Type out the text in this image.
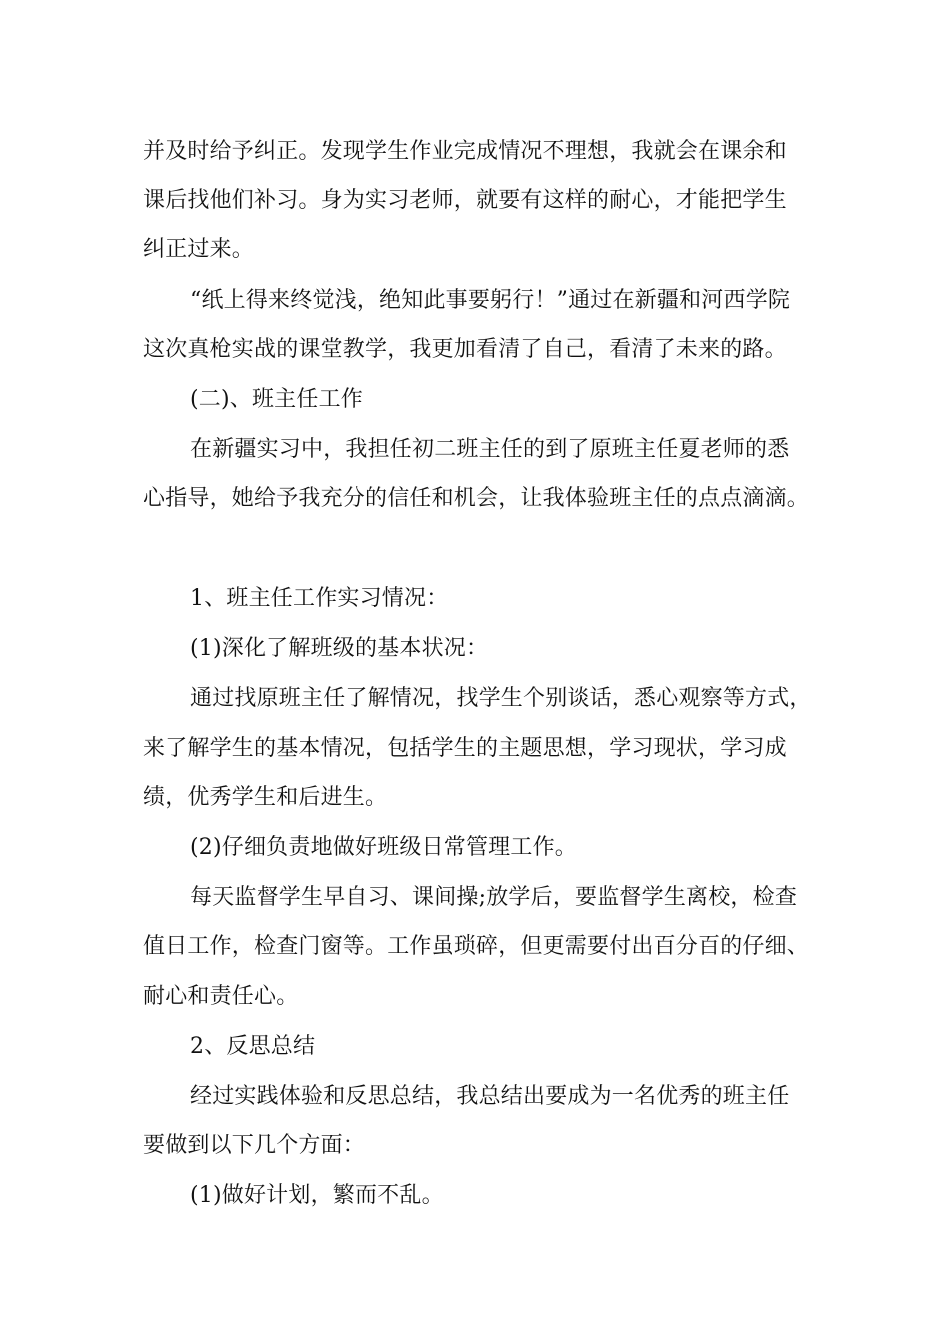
并及时给予纠正。发现学生作业完成情况不理想，我就会在课余和
课后找他们补习。身为实习老师，就要有这样的耐心，才能把学生
纠正过来。
“纸上得来终觉浅，绝知此事要躬行！”通过在新疆和河西学院
这次真枪实战的课堂教学，我更加看清了自己，看清了未来的路。
(二)、班主任工作
在新疆实习中，我担任初二班主任的到了原班主任夏老师的悉
心指导，她给予我充分的信任和机会，让我体验班主任的点点滴滴。
1、班主任工作实习情况：
(1)深化了解班级的基本状况：
通过找原班主任了解情况，找学生个别谈话，悉心观察等方式，
来了解学生的基本情况，包括学生的主题思想，学习现状，学习成
绩，优秀学生和后进生。
(2)仔细负责地做好班级日常管理工作。
每天监督学生早自习、课间操;放学后，要监督学生离校，检查
值日工作，检查门窗等。工作虽琐碎，但更需要付出百分百的仔细、
耐心和责任心。
2、反思总结
经过实践体验和反思总结，我总结出要成为一名优秀的班主任
要做到以下几个方面：
(1)做好计划，繁而不乱。
